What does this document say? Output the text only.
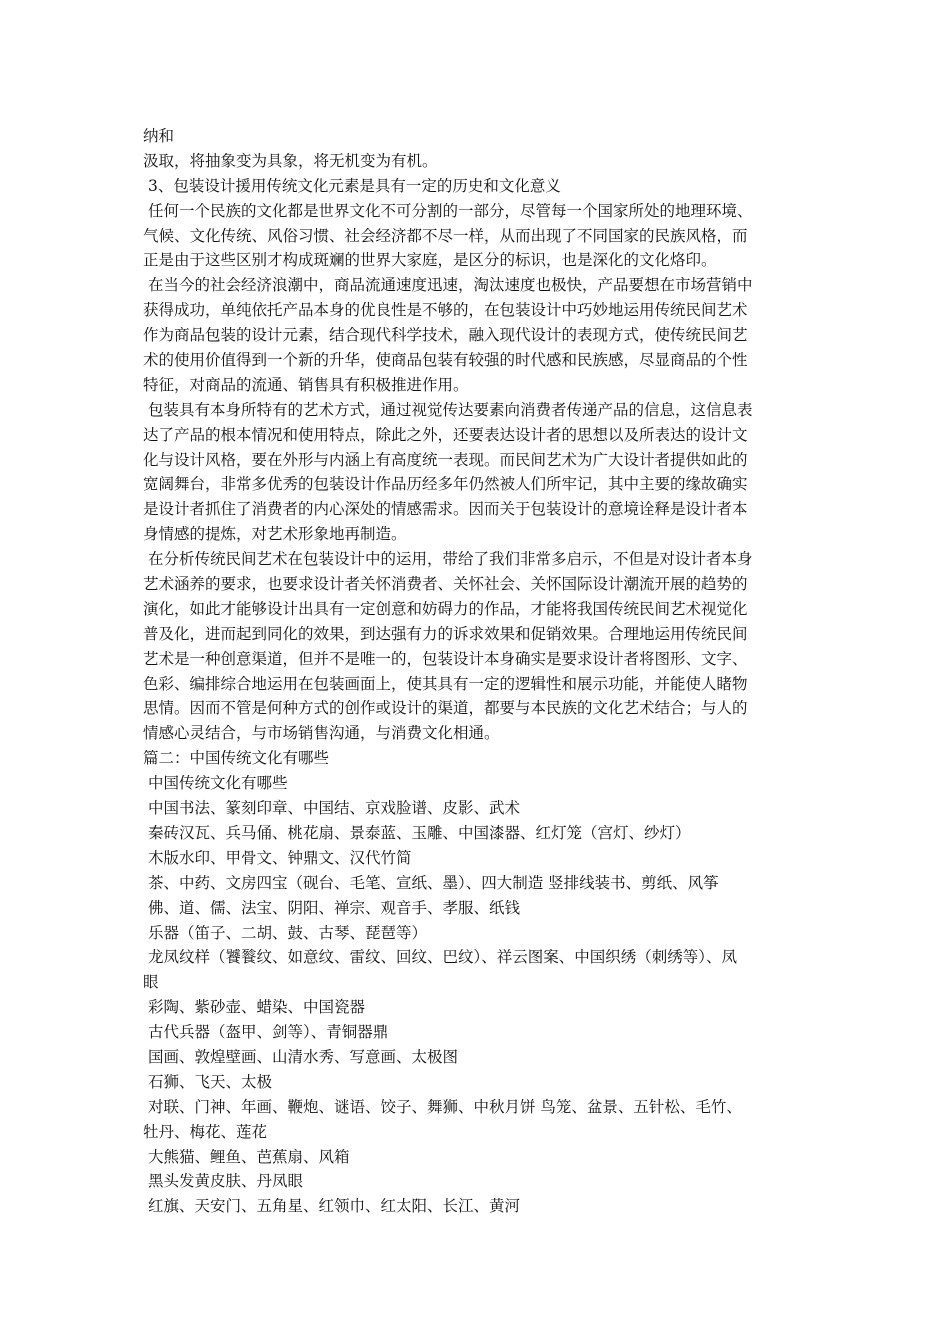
纳和
汲取，将抽象变为具象，将无机变为有机。
3、包装设计援用传统文化元素是具有一定的历史和文化意义
任何一个民族的文化都是世界文化不可分割的一部分，尽管每一个国家所处的地理环境、
气候、文化传统、风俗习惯、社会经济都不尽一样，从而出现了不同国家的民族风格，而
正是由于这些区别才构成斑斓的世界大家庭，是区分的标识，也是深化的文化烙印。
在当今的社会经济浪潮中，商品流通速度迅速，淘汰速度也极快，产品要想在市场营销中
获得成功，单纯依托产品本身的优良性是不够的，在包装设计中巧妙地运用传统民间艺术
作为商品包装的设计元素，结合现代科学技术，融入现代设计的表现方式，使传统民间艺
术的使用价值得到一个新的升华，使商品包装有较强的时代感和民族感，尽显商品的个性
特征，对商品的流通、销售具有积极推进作用。
包装具有本身所特有的艺术方式，通过视觉传达要素向消费者传递产品的信息，这信息表
达了产品的根本情况和使用特点，除此之外，还要表达设计者的思想以及所表达的设计文
化与设计风格，要在外形与内涵上有高度统一表现。而民间艺术为广大设计者提供如此的
宽阔舞台，非常多优秀的包装设计作品历经多年仍然被人们所牢记，其中主要的缘故确实
是设计者抓住了消费者的内心深处的情感需求。因而关于包装设计的意境诠释是设计者本
身情感的提炼，对艺术形象地再制造。
在分析传统民间艺术在包装设计中的运用，带给了我们非常多启示，不但是对设计者本身
艺术涵养的要求，也要求设计者关怀消费者、关怀社会、关怀国际设计潮流开展的趋势的
演化，如此才能够设计出具有一定创意和妨碍力的作品，才能将我国传统民间艺术视觉化
普及化，进而起到同化的效果，到达强有力的诉求效果和促销效果。合理地运用传统民间
艺术是一种创意渠道，但并不是唯一的，包装设计本身确实是要求设计者将图形、文字、
色彩、编排综合地运用在包装画面上，使其具有一定的逻辑性和展示功能，并能使人睹物
思情。因而不管是何种方式的创作或设计的渠道，都要与本民族的文化艺术结合；与人的
情感心灵结合，与市场销售沟通，与消费文化相通。
篇二：中国传统文化有哪些
中国传统文化有哪些
中国书法、篆刻印章、中国结、京戏脸谱、皮影、武术
秦砖汉瓦、兵马俑、桃花扇、景泰蓝、玉雕、中国漆器、红灯笼（宫灯、纱灯）
木版水印、甲骨文、钟鼎文、汉代竹简
茶、中药、文房四宝（砚台、毛笔、宣纸、墨）、四大制造 竖排线装书、剪纸、风筝
佛、道、儒、法宝、阴阳、禅宗、观音手、孝服、纸钱
乐器（笛子、二胡、鼓、古琴、琵琶等）
龙凤纹样（饕餮纹、如意纹、雷纹、回纹、巴纹）、祥云图案、中国织绣（刺绣等）、凤
眼
彩陶、紫砂壶、蜡染、中国瓷器
古代兵器（盔甲、剑等）、青铜器鼎
国画、敦煌壁画、山清水秀、写意画、太极图
石狮、飞天、太极
对联、门神、年画、鞭炮、谜语、饺子、舞狮、中秋月饼 鸟笼、盆景、五针松、毛竹、
牡丹、梅花、莲花
大熊猫、鲤鱼、芭蕉扇、风箱
黑头发黄皮肤、丹凤眼
红旗、天安门、五角星、红领巾、红太阳、长江、黄河
